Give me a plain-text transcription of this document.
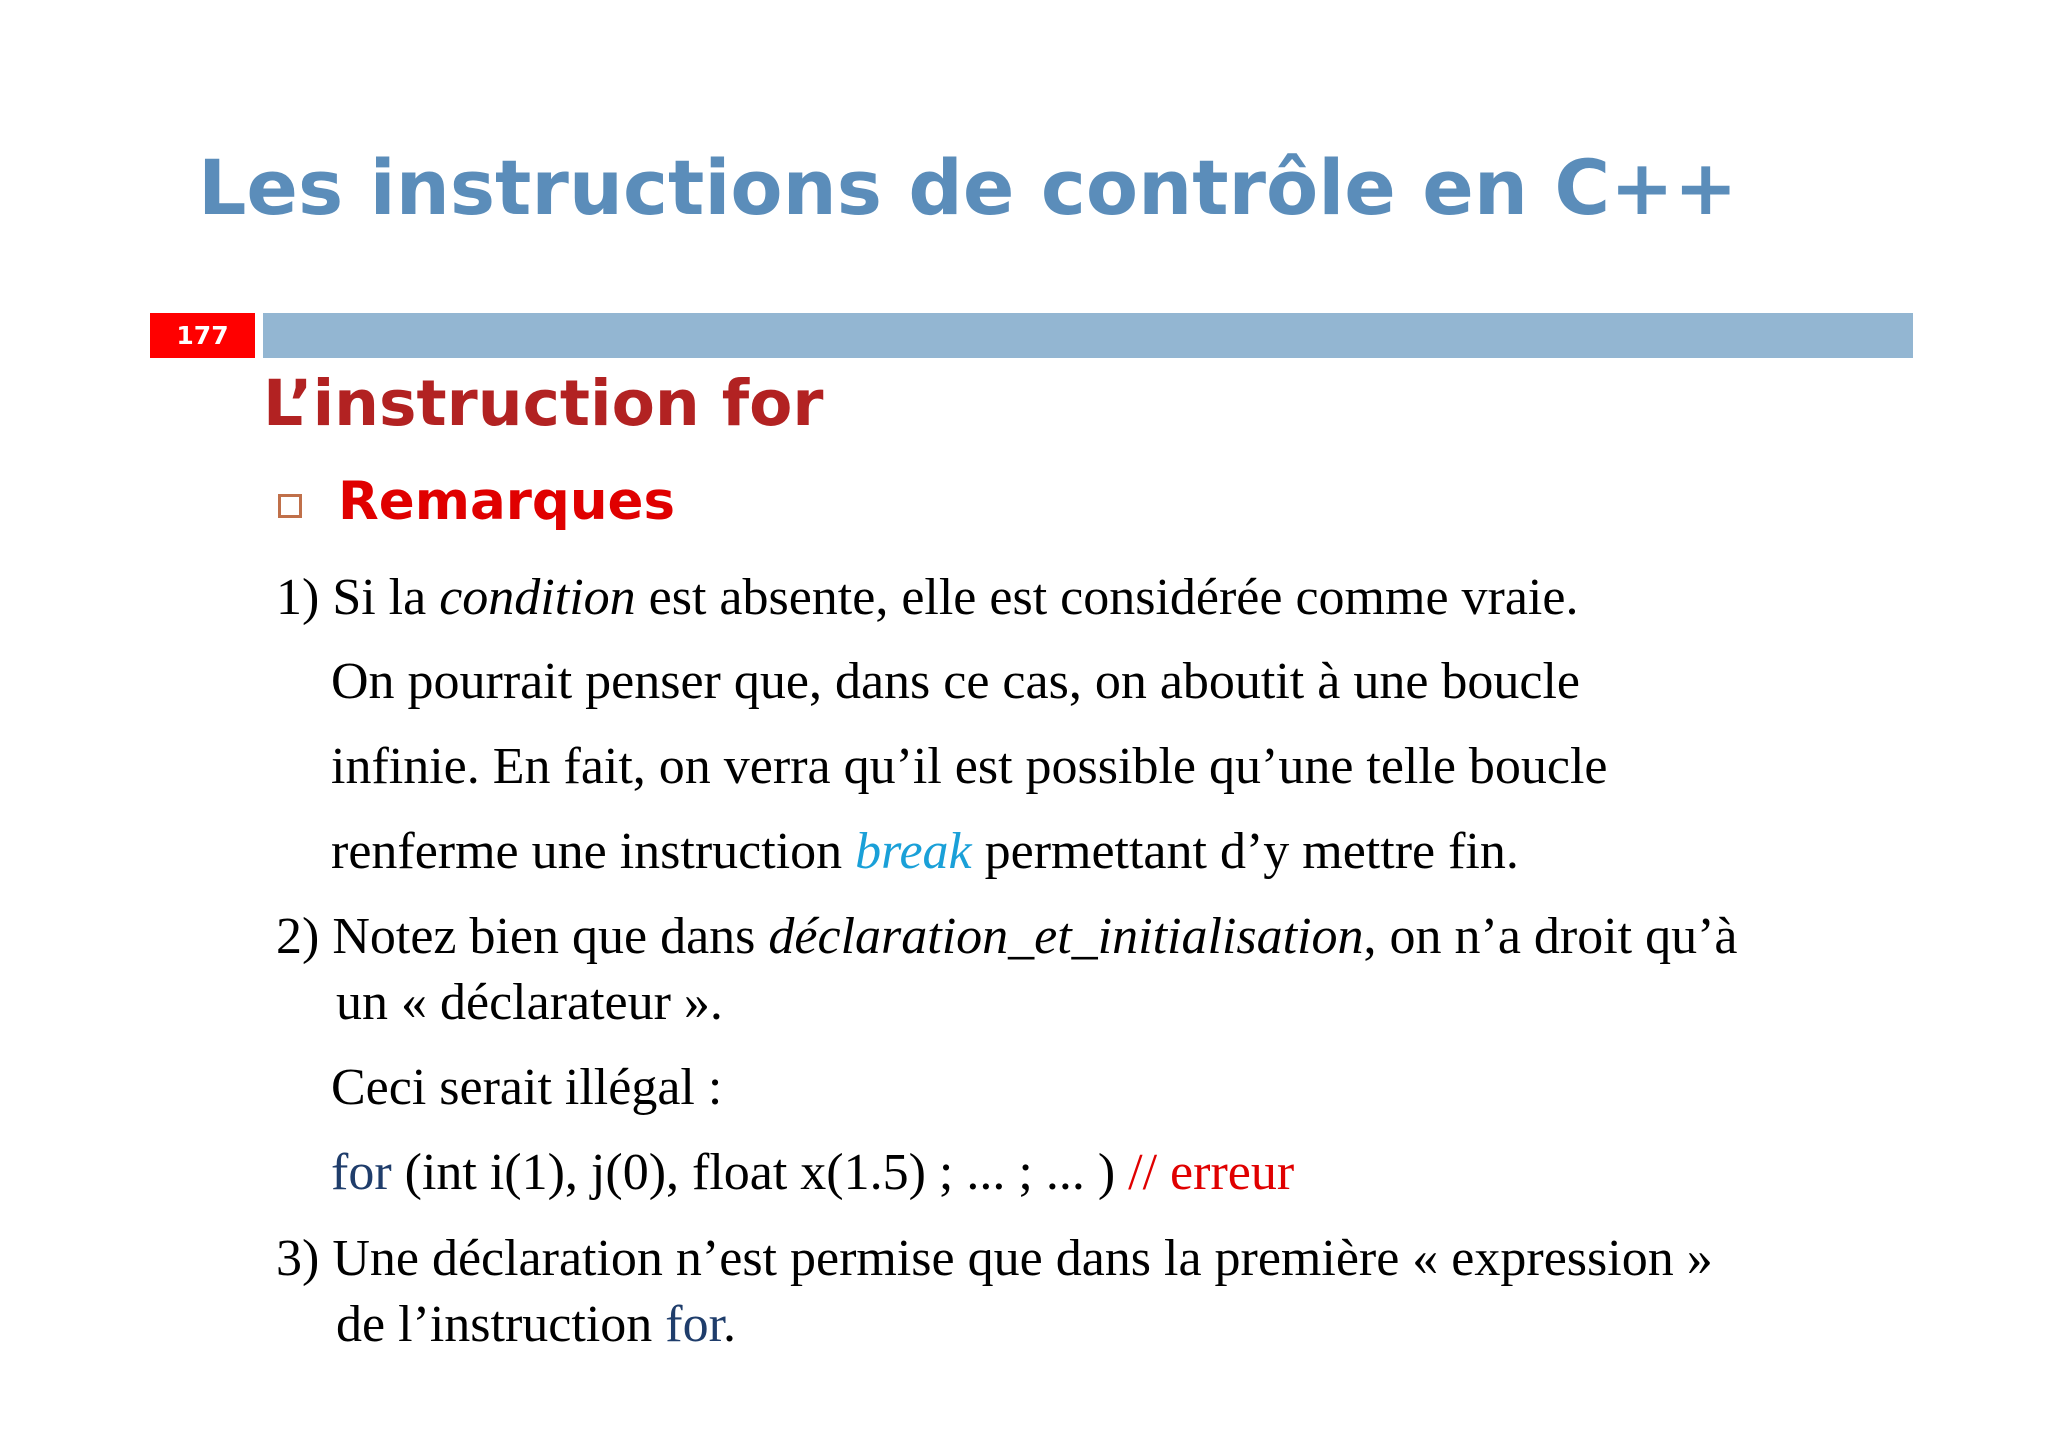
Les instructions de contrôle en C++
177
L’instruction for
Remarques

1) Si la condition est absente, elle est considérée comme vraie.

On pourrait penser que, dans ce cas, on aboutit à une boucle

infinie. En fait, on verra qu’il est possible qu’une telle boucle

renferme une instruction break permettant d’y mettre fin.

2) Notez bien que dans déclaration_et_initialisation, on n’a droit qu’à

un « déclarateur ».

Ceci serait illégal :

for (int i(1), j(0), float x(1.5) ; ... ; ... ) // erreur

3) Une déclaration n’est permise que dans la première « expression »

de l’instruction for.
